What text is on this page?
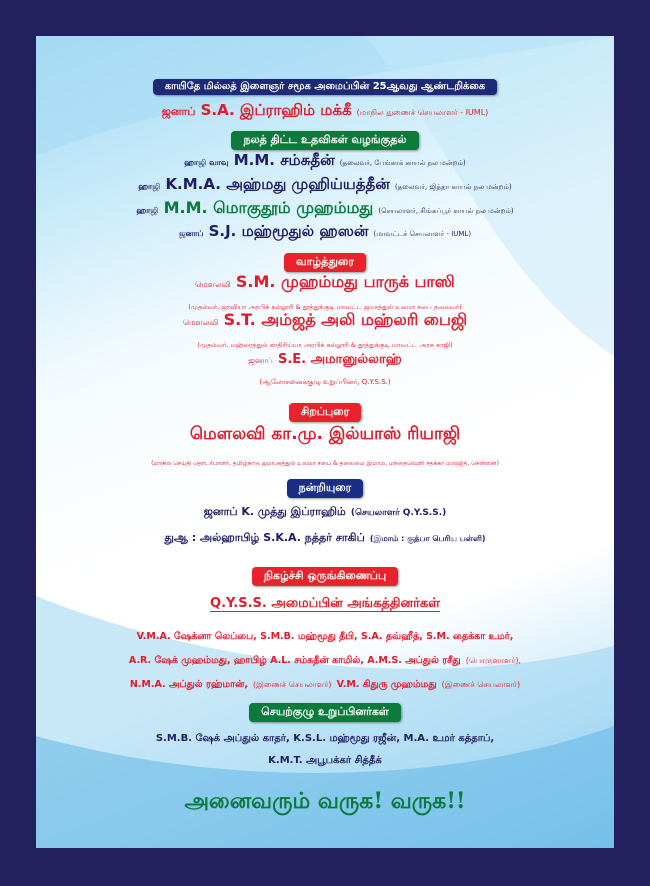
காயிதே மில்லத் இளைஞர் சமூக அமைப்பின் 25ஆவது ஆண்டறிக்கை
ஜனாப் S.A. இப்ராஹிம் மக்கீ (மாநில துணைச் செயலாளர் - IUML)
நலத் திட்ட உதவிகள் வழங்குதல்
ஹாஜி வாவு M.M. சம்சுதீன் (தலைவர், பேங்காக் காயல் நல மன்றம்)
ஹாஜி K.M.A. அஹ்மது முஹிய்யத்தீன் (தலைவர், ஜித்தா காயல் நல மன்றம்)
ஹாஜி M.M. மொகுதூம் முஹம்மது (செயலாளர், சிங்கப்பூர் காயல் நல மன்றம்)
ஜனாப் S.J. மஹ்மூதுல் ஹஸன் (மாவட்டச் செயலாளர் - IUML)
வாழ்த்துரை
மௌலவி S.M. முஹம்மது பாருக் பாஸி
(முதல்வர், ஜாவியா அரபிக் கல்லூரி & தூத்துக்குடி மாவட்ட ஜமாத்துல் உலமா சபை தலைவர்)
மௌலவி S.T. அம்ஜத் அலி மஹ்லரி பைஜி
(முதல்வர், மஹ்லரத்துல் காதிரிய்யா அரபிக் கல்லூரி & தூத்துக்குடி மாவட்ட அரசு காஜி)
ஜனாப் S.E. அமானுல்லாஹ்
(ஆலோசனைக்குழு உறுப்பினர், Q.Y.S.S.)
சிறப்புரை
மௌலவி கா.மு. இல்யாஸ் ரியாஜி
(மாநில செய்தி தொடர்பாளர், தமிழ்நாடு ஜமாஅத்துல் உலமா சபை & தலைமை இமாம், மந்தைவெளி சதக்கா மஸ்ஜித், சென்னை)
நன்றியுரை
ஜனாப் K. முத்து இப்ராஹிம் (செயலாளர் Q.Y.S.S.)
துஆ : அல்ஹாபிழ் S.K.A. நத்தர் சாகிப் (இமாம் : குத்பா பெரிய பள்ளி)
நிகழ்ச்சி ஒருங்கிணைப்பு
Q.Y.S.S. அமைப்பின் அங்கத்தினர்கள்
V.M.A. ஷேக்னா லெப்பை, S.M.B. மஹ்மூது தீபி, S.A. தவ்ஹீத், S.M. தைக்கா உமர்,
A.R. ஷேக் முஹம்மது, ஹாபிழ் A.L. சம்சுதீன் காமில், A.M.S. அப்துல் ரசீது (பொருளாளர்),
N.M.A. அப்துல் ரஹ்மான், (இணைச் செயலாளர்) V.M. கிதுரு முஹம்மது (இணைச் செயலாளர்)
செயற்குழு உறுப்பினர்கள்
S.M.B. ஷேக் அப்துல் காதர், K.S.L. மஹ்மூது ரஜீன், M.A. உமர் கத்தாப்,
K.M.T. அபூபக்கர் சித்தீக்
அனைவரும் வருக! வருக!!
